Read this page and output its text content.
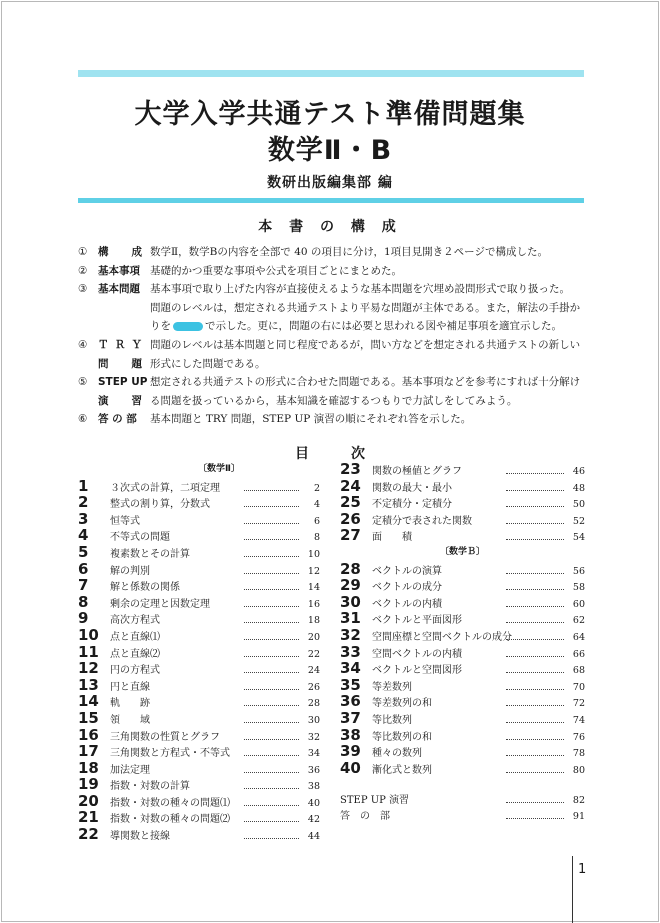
大学入学共通テスト準備問題集
数学Ⅱ・B
数研出版編集部 編
本 書 の 構 成
①	構 成 数学Ⅱ，数学Bの内容を全部で 40 の項目に分け，1項目見開き２ページで構成した。
②	基本事項 基礎的かつ重要な事項や公式を項目ごとにまとめた。
③	基本問題 基本事項で取り上げた内容が直接使えるような基本問題を穴埋め設問形式で取り扱った。
問題のレベルは，想定される共通テストより平易な問題が主体である。また，解法の手掛か
りを	で示した。更に，問題の右には必要と思われる図や補足事項を適宜示した。
④	Ｔ Ｒ Ｙ 問題のレベルは基本問題と同じ程度であるが，問い方などを想定される共通テストの新しい
問 題 形式にした問題である。
⑤	STEP UP 想定される共通テストの形式に合わせた問題である。基本事項などを参考にすれば十分解け
演 習 る問題を扱っているから，基本知識を確認するつもりで力試しをしてみよう。
⑥	答 の 部	基本問題と TRY 問題，STEP UP 演習の順にそれぞれ答を示した。
目　次
〔数学Ⅱ〕
1	３次式の計算，二項定理	2
2	整式の割り算，分数式	4
3	恒等式	6
4	不等式の問題	8
5	複素数とその計算	10
6	解の判別	12
7	解と係数の関係	14
8	剰余の定理と因数定理	16
9	高次方程式	18
10	点と直線⑴	20
11	点と直線⑵	22
12	円の方程式	24
13	円と直線	26
14	軌　　跡	28
15	領　　域	30
16	三角関数の性質とグラフ	32
17	三角関数と方程式・不等式	34
18	加法定理	36
19	指数・対数の計算	38
20	指数・対数の種々の問題⑴	40
21	指数・対数の種々の問題⑵	42
22	導関数と接線	44
23	関数の極値とグラフ	46
24	関数の最大・最小	48
25	不定積分・定積分	50
26	定積分で表された関数	52
27	面　　積	54
〔数学Ｂ〕
28	ベクトルの演算	56
29	ベクトルの成分	58
30	ベクトルの内積	60
31	ベクトルと平面図形	62
32	空間座標と空間ベクトルの成分	64
33	空間ベクトルの内積	66
34	ベクトルと空間図形	68
35	等差数列	70
36	等差数列の和	72
37	等比数列	74
38	等比数列の和	76
39	種々の数列	78
40	漸化式と数列	80
STEP UP 演習	82
答　の　部	91
1
